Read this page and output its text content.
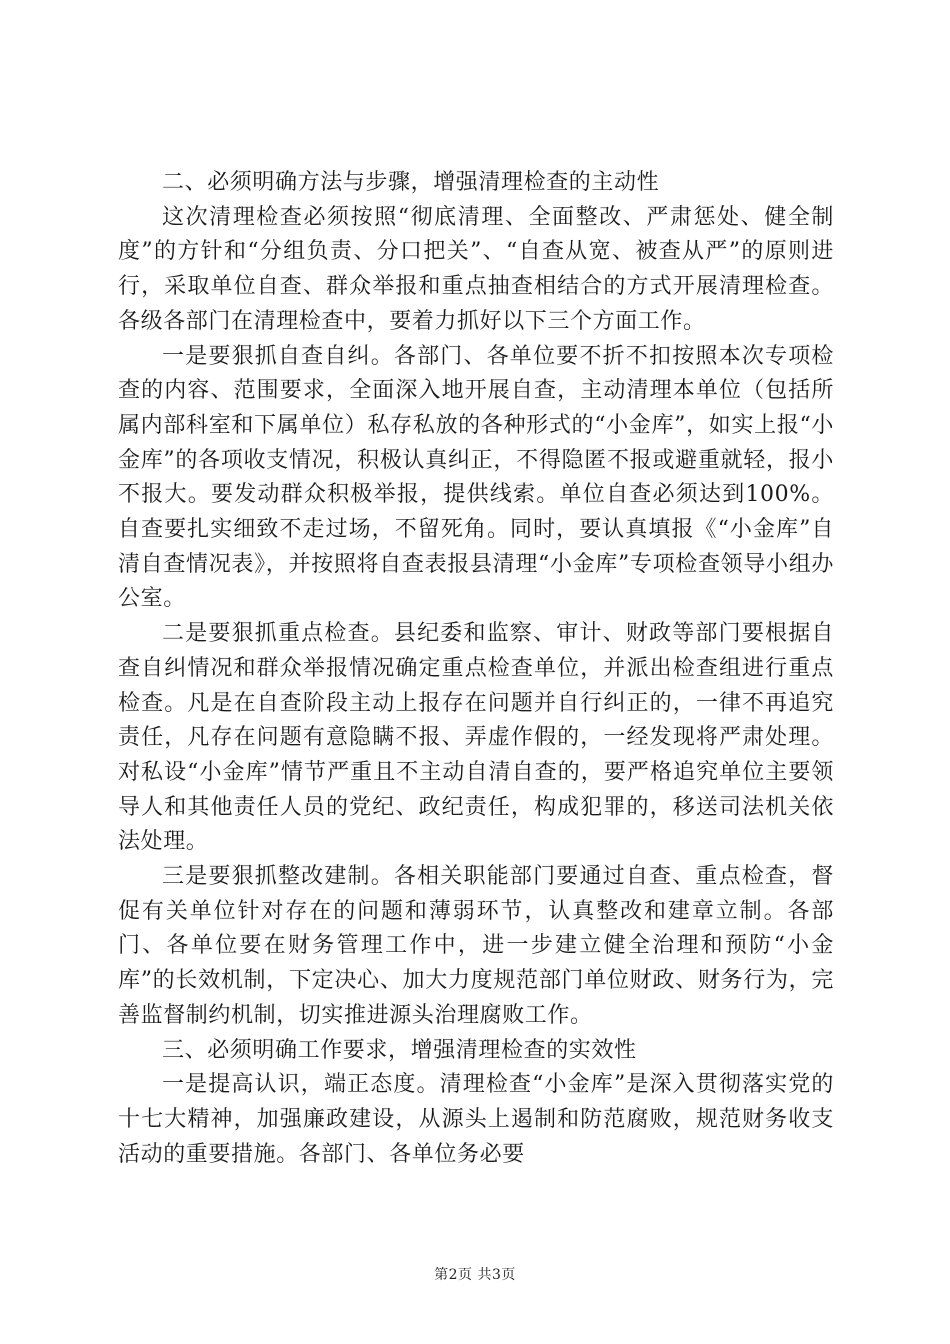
二、必须明确方法与步骤，增强清理检查的主动性

这次清理检查必须按照“彻底清理、全面整改、严肃惩处、健全制度”的方针和“分组负责、分口把关”、“自查从宽、被查从严”的原则进行，采取单位自查、群众举报和重点抽查相结合的方式开展清理检查。各级各部门在清理检查中，要着力抓好以下三个方面工作。

一是要狠抓自查自纠。各部门、各单位要不折不扣按照本次专项检查的内容、范围要求，全面深入地开展自查，主动清理本单位（包括所属内部科室和下属单位）私存私放的各种形式的“小金库”，如实上报“小金库”的各项收支情况，积极认真纠正，不得隐匿不报或避重就轻，报小不报大。要发动群众积极举报，提供线索。单位自查必须达到100%。自查要扎实细致不走过场，不留死角。同时，要认真填报《“小金库”自清自查情况表》，并按照将自查表报县清理“小金库”专项检查领导小组办公室。

二是要狠抓重点检查。县纪委和监察、审计、财政等部门要根据自查自纠情况和群众举报情况确定重点检查单位，并派出检查组进行重点检查。凡是在自查阶段主动上报存在问题并自行纠正的，一律不再追究责任，凡存在问题有意隐瞒不报、弄虚作假的，一经发现将严肃处理。对私设“小金库”情节严重且不主动自清自查的，要严格追究单位主要领导人和其他责任人员的党纪、政纪责任，构成犯罪的，移送司法机关依法处理。

三是要狠抓整改建制。各相关职能部门要通过自查、重点检查，督促有关单位针对存在的问题和薄弱环节，认真整改和建章立制。各部门、各单位要在财务管理工作中，进一步建立健全治理和预防“小金库”的长效机制，下定决心、加大力度规范部门单位财政、财务行为，完善监督制约机制，切实推进源头治理腐败工作。

三、必须明确工作要求，增强清理检查的实效性

一是提高认识，端正态度。清理检查“小金库”是深入贯彻落实党的十七大精神，加强廉政建设，从源头上遏制和防范腐败，规范财务收支活动的重要措施。各部门、各单位务必要

第2页 共3页
